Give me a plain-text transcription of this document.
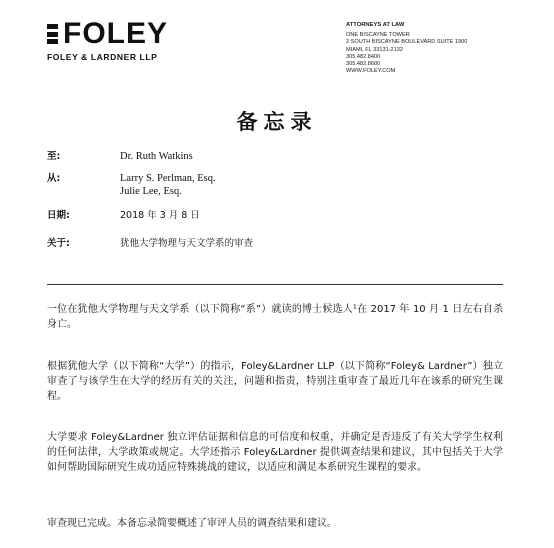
FOLEY
FOLEY & LARDNER LLP
ATTORNEYS AT LAW
ONE BISCAYNE TOWER
2 SOUTH BISCAYNE BOULEVARD SUITE 1900
MIAMI, FL 33131-2132
305.482.8400
305.482.8600
WWW.FOLEY.COM
备忘录
至:	Dr. Ruth Watkins
从:	Larry S. Perlman, Esq.
Julie Lee, Esq.
日期:	2018 年 3 月 8 日
关于:	犹他大学物理与天文学系的审查
一位在犹他大学物理与天文学系（以下简称“系”）就读的博士候选人¹在 2017 年 10 月 1 日左右自杀身亡。
根据犹他大学（以下简称“大学”）的指示，Foley&Lardner LLP（以下简称“Foley& Lardner”）独立审查了与该学生在大学的经历有关的关注，问题和指责，特别注重审查了最近几年在该系的研究生课程。
大学要求 Foley&Lardner 独立评估证据和信息的可信度和权重，并确定是否违反了有关大学学生权利的任何法律，大学政策或规定。大学还指示 Foley&Lardner 提供调查结果和建议，其中包括关于大学如何帮助国际研究生成功适应特殊挑战的建议，以适应和满足本系研究生课程的要求。
审查现已完成。本备忘录简要概述了审评人员的调查结果和建议。
